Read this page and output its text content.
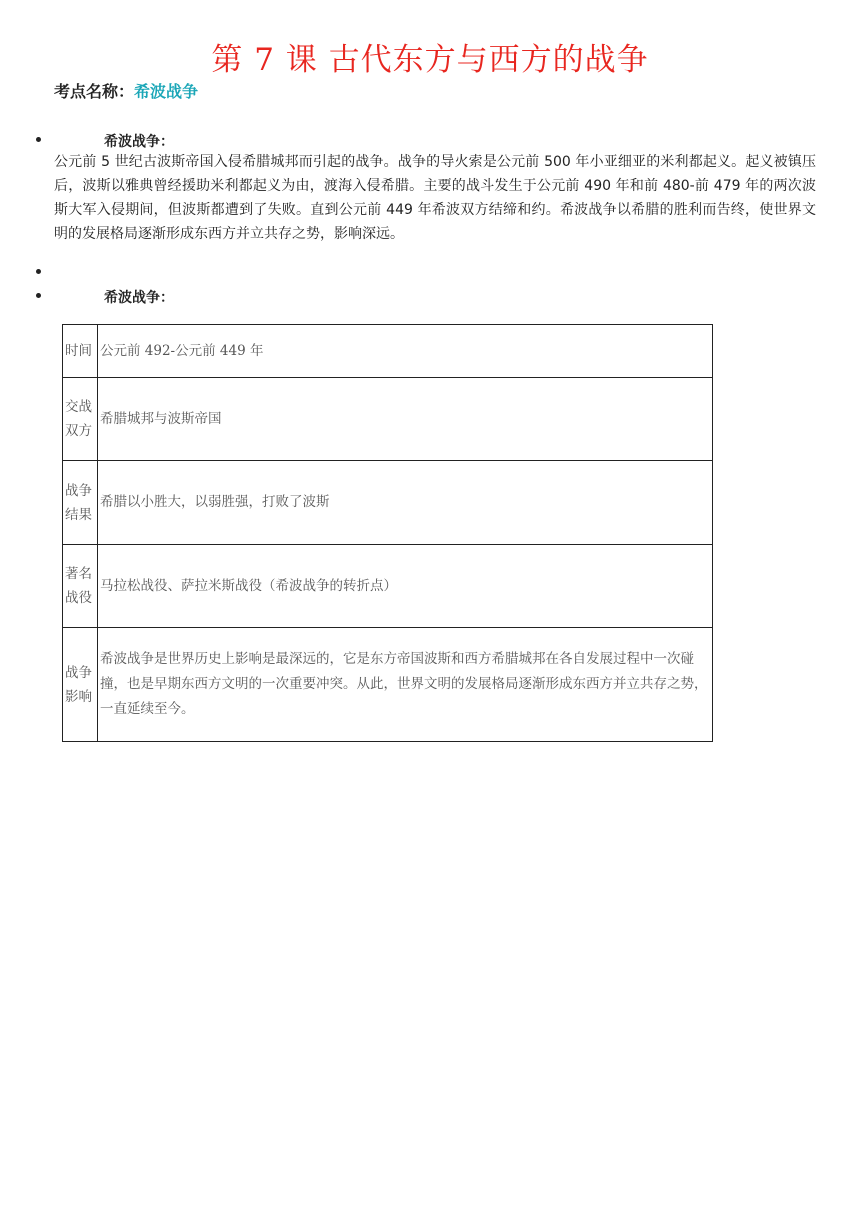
第 7 课 古代东方与西方的战争
考点名称：希波战争
希波战争：
公元前 5 世纪古波斯帝国入侵希腊城邦而引起的战争。战争的导火索是公元前 500 年小亚细亚的米利都起义。起义被镇压后，波斯以雅典曾经援助米利都起义为由，渡海入侵希腊。主要的战斗发生于公元前 490 年和前 480-前 479 年的两次波斯大军入侵期间，但波斯都遭到了失败。直到公元前 449 年希波双方结缔和约。希波战争以希腊的胜利而告终，使世界文明的发展格局逐渐形成东西方并立共存之势，影响深远。
希波战争：
时间	公元前 492-公元前 449 年
交战双方	希腊城邦与波斯帝国
战争结果	希腊以小胜大，以弱胜强，打败了波斯
著名战役	马拉松战役、萨拉米斯战役（希波战争的转折点）
战争影响	希波战争是世界历史上影响是最深远的，它是东方帝国波斯和西方希腊城邦在各自发展过程中一次碰撞，也是早期东西方文明的一次重要冲突。从此，世界文明的发展格局逐渐形成东西方并立共存之势，一直延续至今。
